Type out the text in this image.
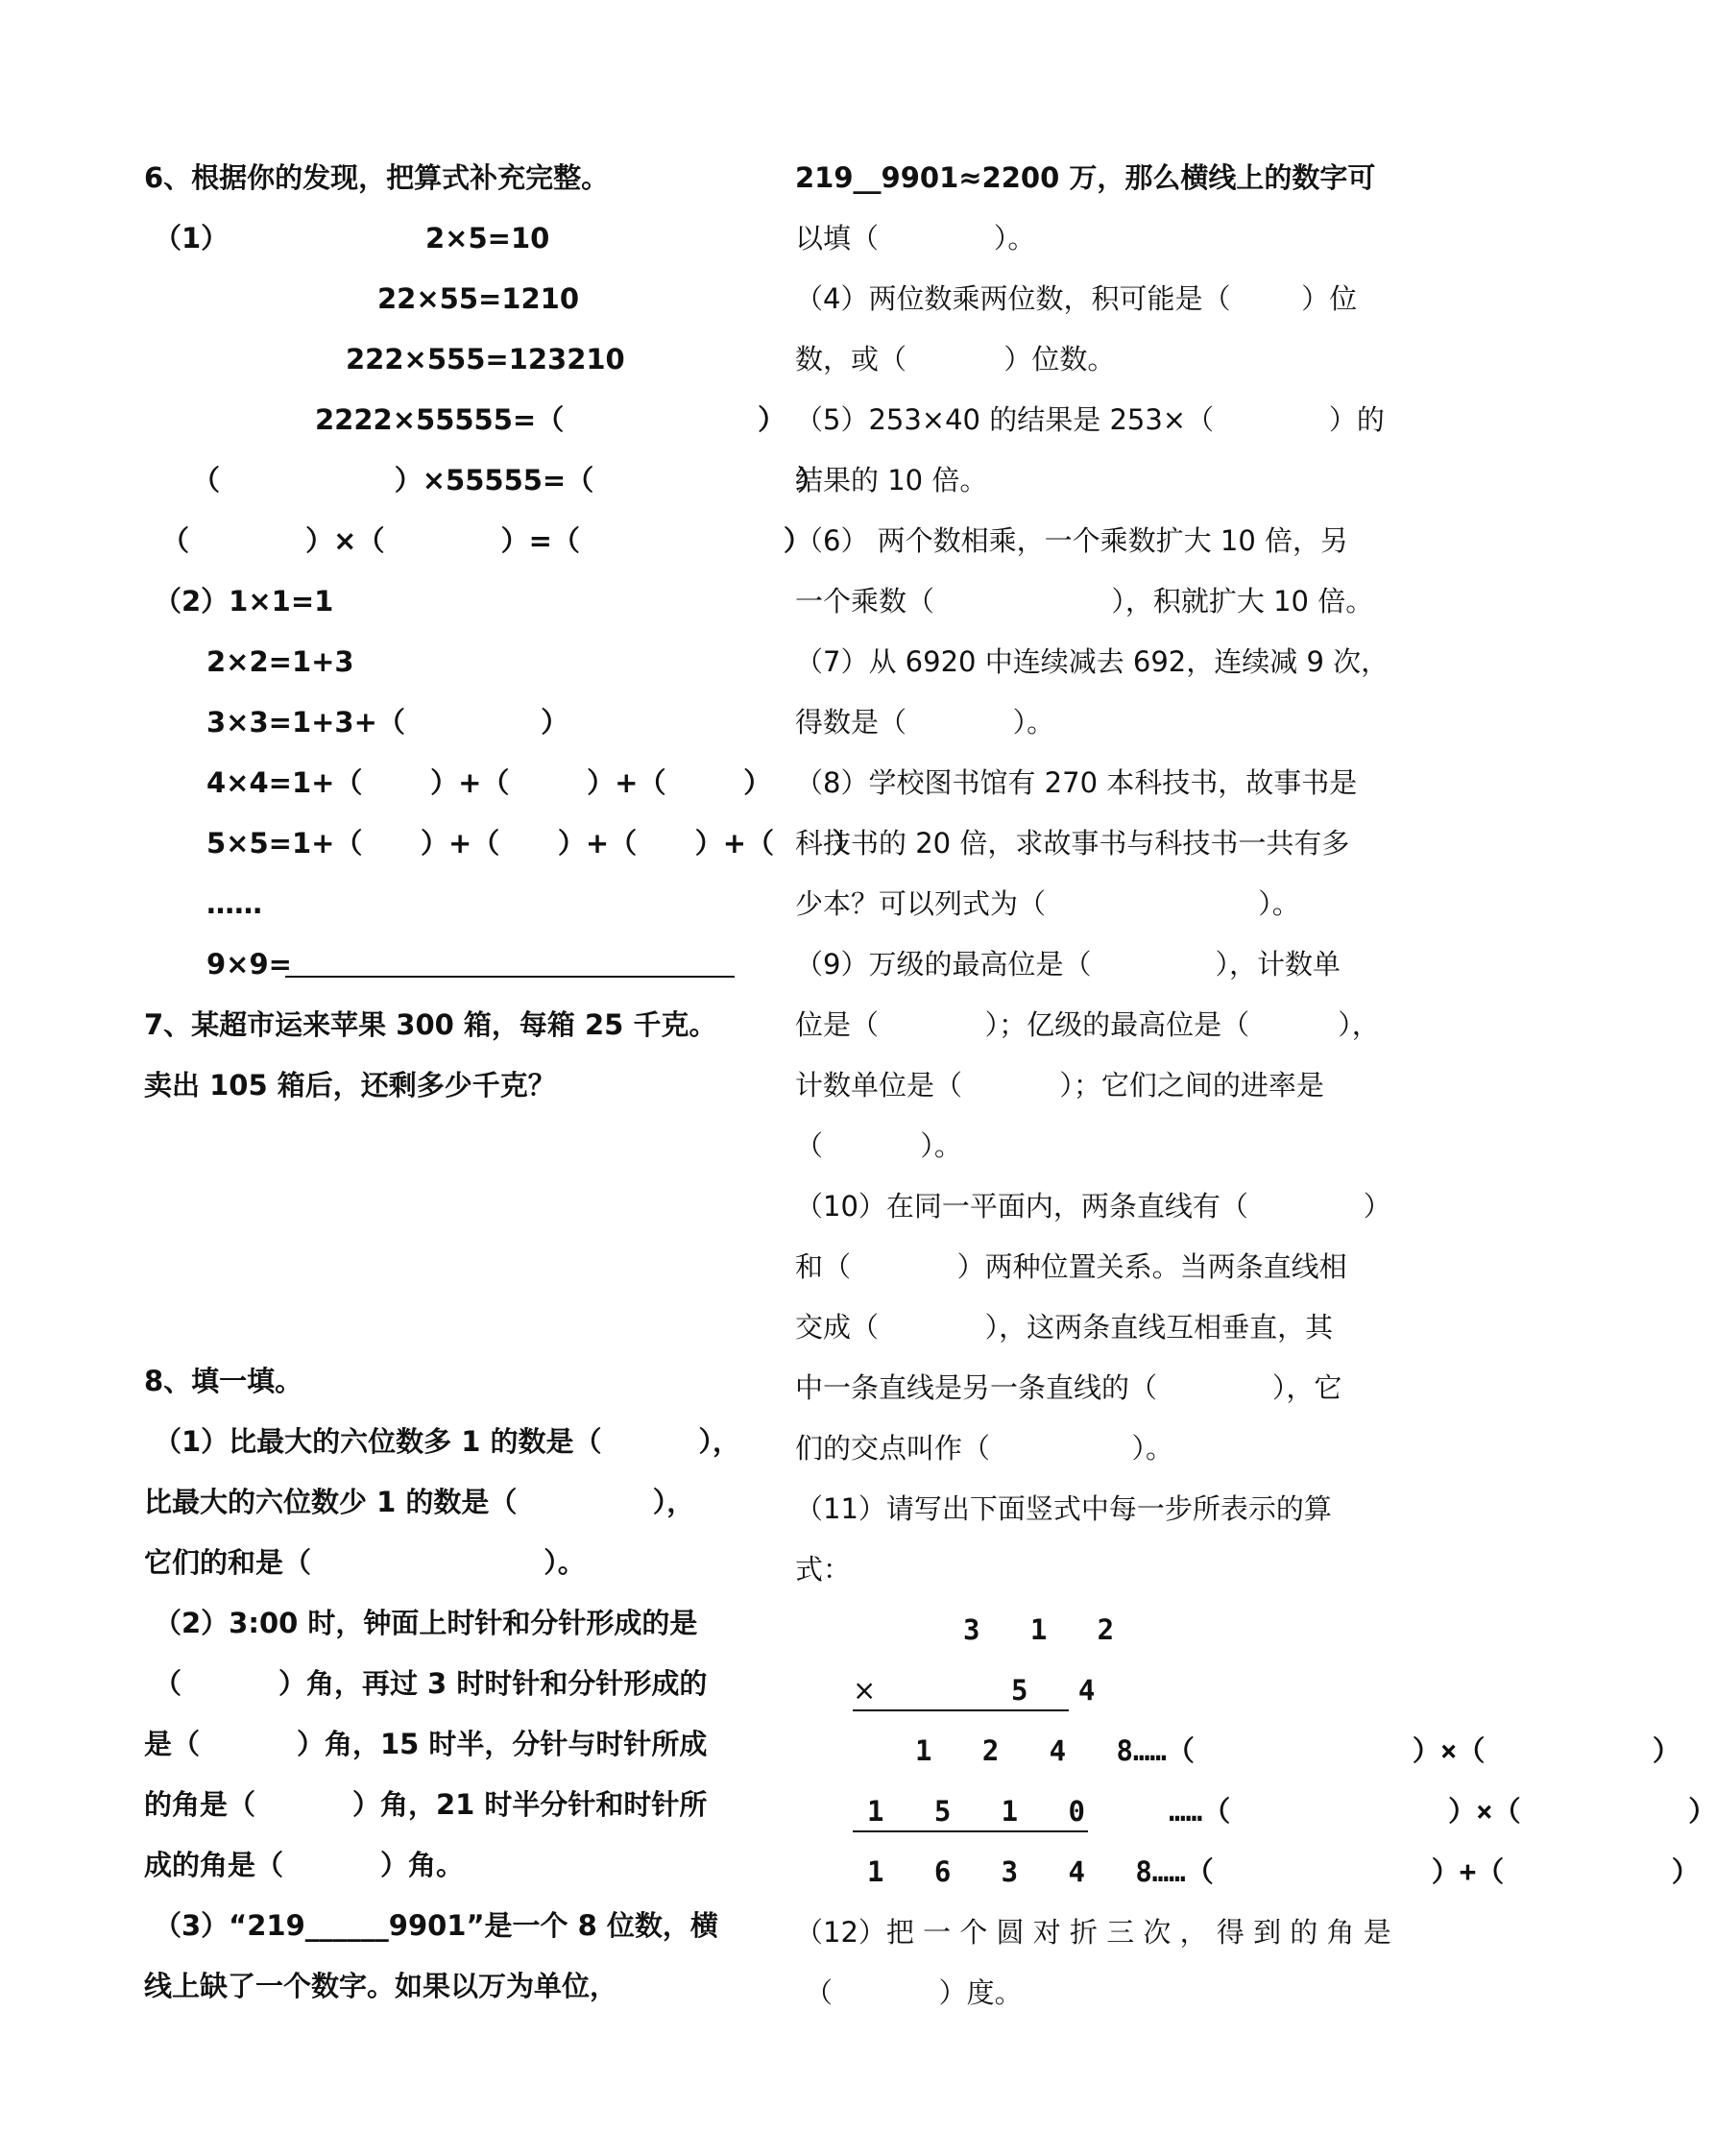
6、根据你的发现，把算式补充完整。
（1）	2×5=10
22×55=1210
222×555=123210
2222×55555=（                    ）
（                  ）×55555=（                     ）
（            ）×（            ）=（                     ）
（2）1×1=1
2×2=1+3
3×3=1+3+（              ）
4×4=1+（       ）+（        ）+（        ）
5×5=1+（      ）+（      ）+（      ）+（      ）
……
9×9=
7、某超市运来苹果 300 箱，每箱 25 千克。
卖出 105 箱后，还剩多少千克？
8、填一填。
（1）比最大的六位数多 1 的数是（          ），
比最大的六位数少 1 的数是（              ），
它们的和是（                        ）。
（2）3:00 时，钟面上时针和分针形成的是
（          ）角，再过 3 时时针和分针形成的
是（          ）角，15 时半，分针与时针所成
的角是（          ）角，21 时半分针和时针所
成的角是（          ）角。
（3）“219______9901”是一个 8 位数，横
线上缺了一个数字。如果以万为单位，
219__9901≈2200 万，那么横线上的数字可
以填（             ）。
（4）两位数乘两位数，积可能是（        ）位
数，或（           ）位数。
（5）253×40 的结果是 253×（             ）的
结果的 10 倍。
（6） 两个数相乘，一个乘数扩大 10 倍，另
一个乘数（                    ），积就扩大 10 倍。
（7）从 6920 中连续减去 692，连续减 9 次，
得数是（            ）。
（8）学校图书馆有 270 本科技书，故事书是
科技书的 20 倍，求故事书与科技书一共有多
少本？可以列式为（                        ）。
（9）万级的最高位是（              ），计数单
位是（            ）；亿级的最高位是（          ），
计数单位是（           ）；它们之间的进率是
（           ）。
（10）在同一平面内，两条直线有（             ）
和（            ）两种位置关系。当两条直线相
交成（            ），这两条直线互相垂直，其
中一条直线是另一条直线的（             ），它
们的交点叫作（                ）。
（11）请写出下面竖式中每一步所表示的算
式：
3   1   2
×	5   4
1   2   4   8……（             ）×（          ）
1   5   1   0     ……（             ）×（          ）
1   6   3   4   8……（             ）+（          ）
（12）把 一 个 圆 对 折 三 次 ， 得 到 的 角 是
（            ）度。
